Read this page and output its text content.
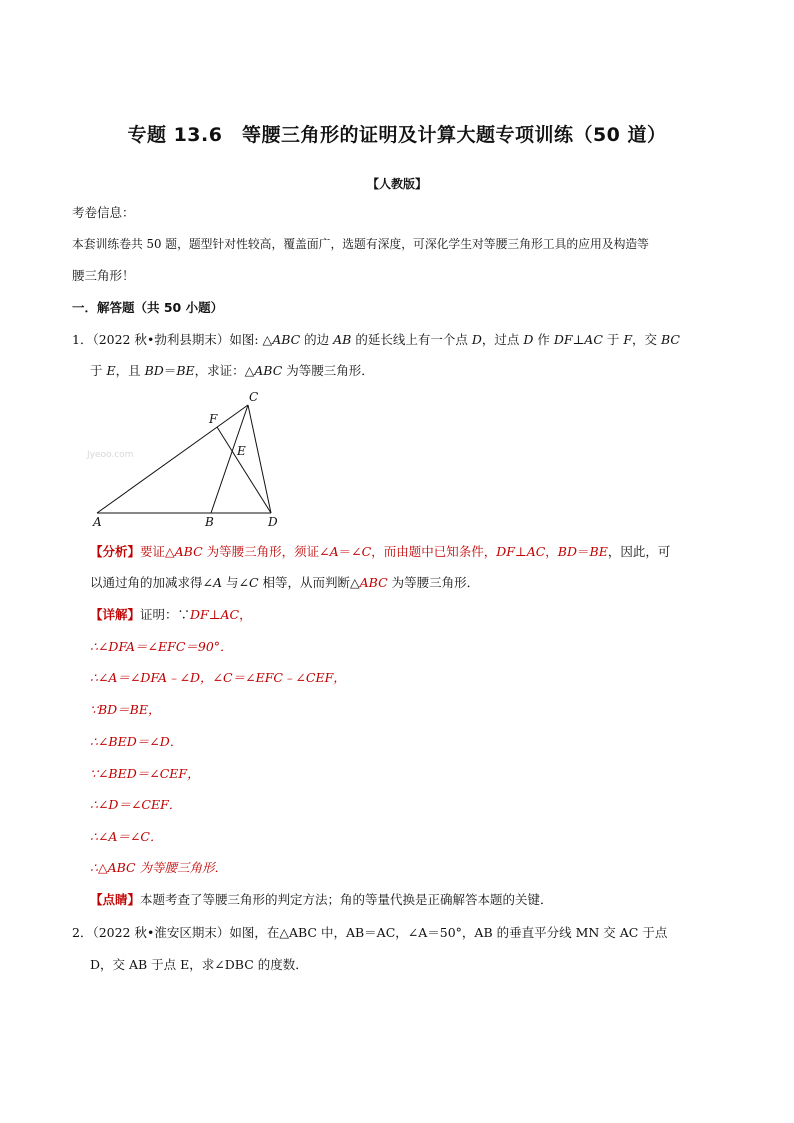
专题 13.6　等腰三角形的证明及计算大题专项训练（50 道）
【人教版】
考卷信息：
本套训练卷共 50 题，题型针对性较高，覆盖面广，选题有深度，可深化学生对等腰三角形工具的应用及构造等
腰三角形！
一．解答题（共 50 小题）
1．（2022 秋•勃利县期末）如图: △ABC 的边 AB 的延长线上有一个点 D，过点 D 作 DF⊥AC 于 F，交 BC
于 E，且 BD＝BE，求证：△ABC 为等腰三角形．
Jyeoo.com
A	B
C
D
E
F
【分析】要证△ABC 为等腰三角形，须证∠A＝∠C，而由题中已知条件，DF⊥AC，BD＝BE，因此，可
以通过角的加减求得∠A 与∠C 相等，从而判断△ABC 为等腰三角形．
【详解】证明：∵DF⊥AC，
∴∠DFA＝∠EFC＝90°．
∴∠A＝∠DFA﹣∠D，∠C＝∠EFC﹣∠CEF，
∵BD＝BE，
∴∠BED＝∠D．
∵∠BED＝∠CEF，
∴∠D＝∠CEF．
∴∠A＝∠C．
∴△ABC 为等腰三角形．
【点睛】本题考查了等腰三角形的判定方法；角的等量代换是正确解答本题的关键．
2．（2022 秋•淮安区期末）如图，在△ABC 中，AB＝AC，∠A＝50°，AB 的垂直平分线 MN 交 AC 于点
D，交 AB 于点 E，求∠DBC 的度数．
